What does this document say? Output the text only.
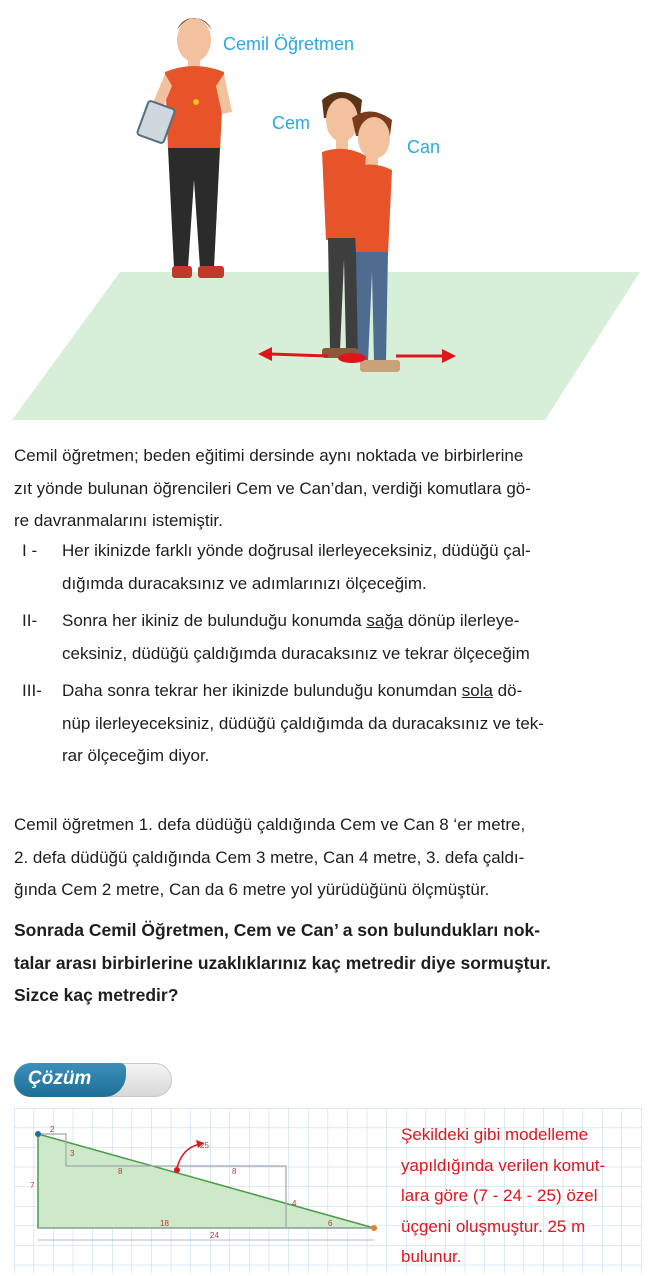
Cemil Öğretmen
Cem
Can
Cemil öğretmen; beden eğitimi dersinde aynı noktada ve birbirlerine
zıt yönde bulunan öğrencileri Cem ve Can’dan, verdiği komutlara gö-
re davranmalarını istemiştir.
I -	Her ikinizde farklı yönde doğrusal ilerleyeceksiniz, düdüğü çal-
dığımda duracaksınız ve adımlarınızı ölçeceğim.
II-	Sonra her ikiniz de bulunduğu konumda sağa dönüp ilerleye-
ceksiniz, düdüğü çaldığımda duracaksınız ve tekrar ölçeceğim
III-	Daha sonra tekrar her ikinizde bulunduğu konumdan sola dö-
nüp ilerleyeceksiniz, düdüğü çaldığımda da duracaksınız ve tek-
rar ölçeceğim diyor.
Cemil öğretmen 1. defa düdüğü çaldığında Cem ve Can 8 ‘er metre,
2. defa düdüğü çaldığında Cem 3 metre, Can 4 metre, 3. defa çaldı-
ğında Cem 2 metre, Can da 6 metre yol yürüdüğünü ölçmüştür.
Sonrada Cemil Öğretmen, Cem ve Can’ a son bulundukları nok-
talar arası birbirlerine uzaklıklarınız kaç metredir diye sormuştur.
Sizce kaç metredir?
Çözüm
2
3
8	8
7
4
18
24
6
25
Şekildeki gibi modelleme
yapıldığında verilen komut-
lara göre (7 - 24 - 25) özel
üçgeni oluşmuştur. 25 m
bulunur.
